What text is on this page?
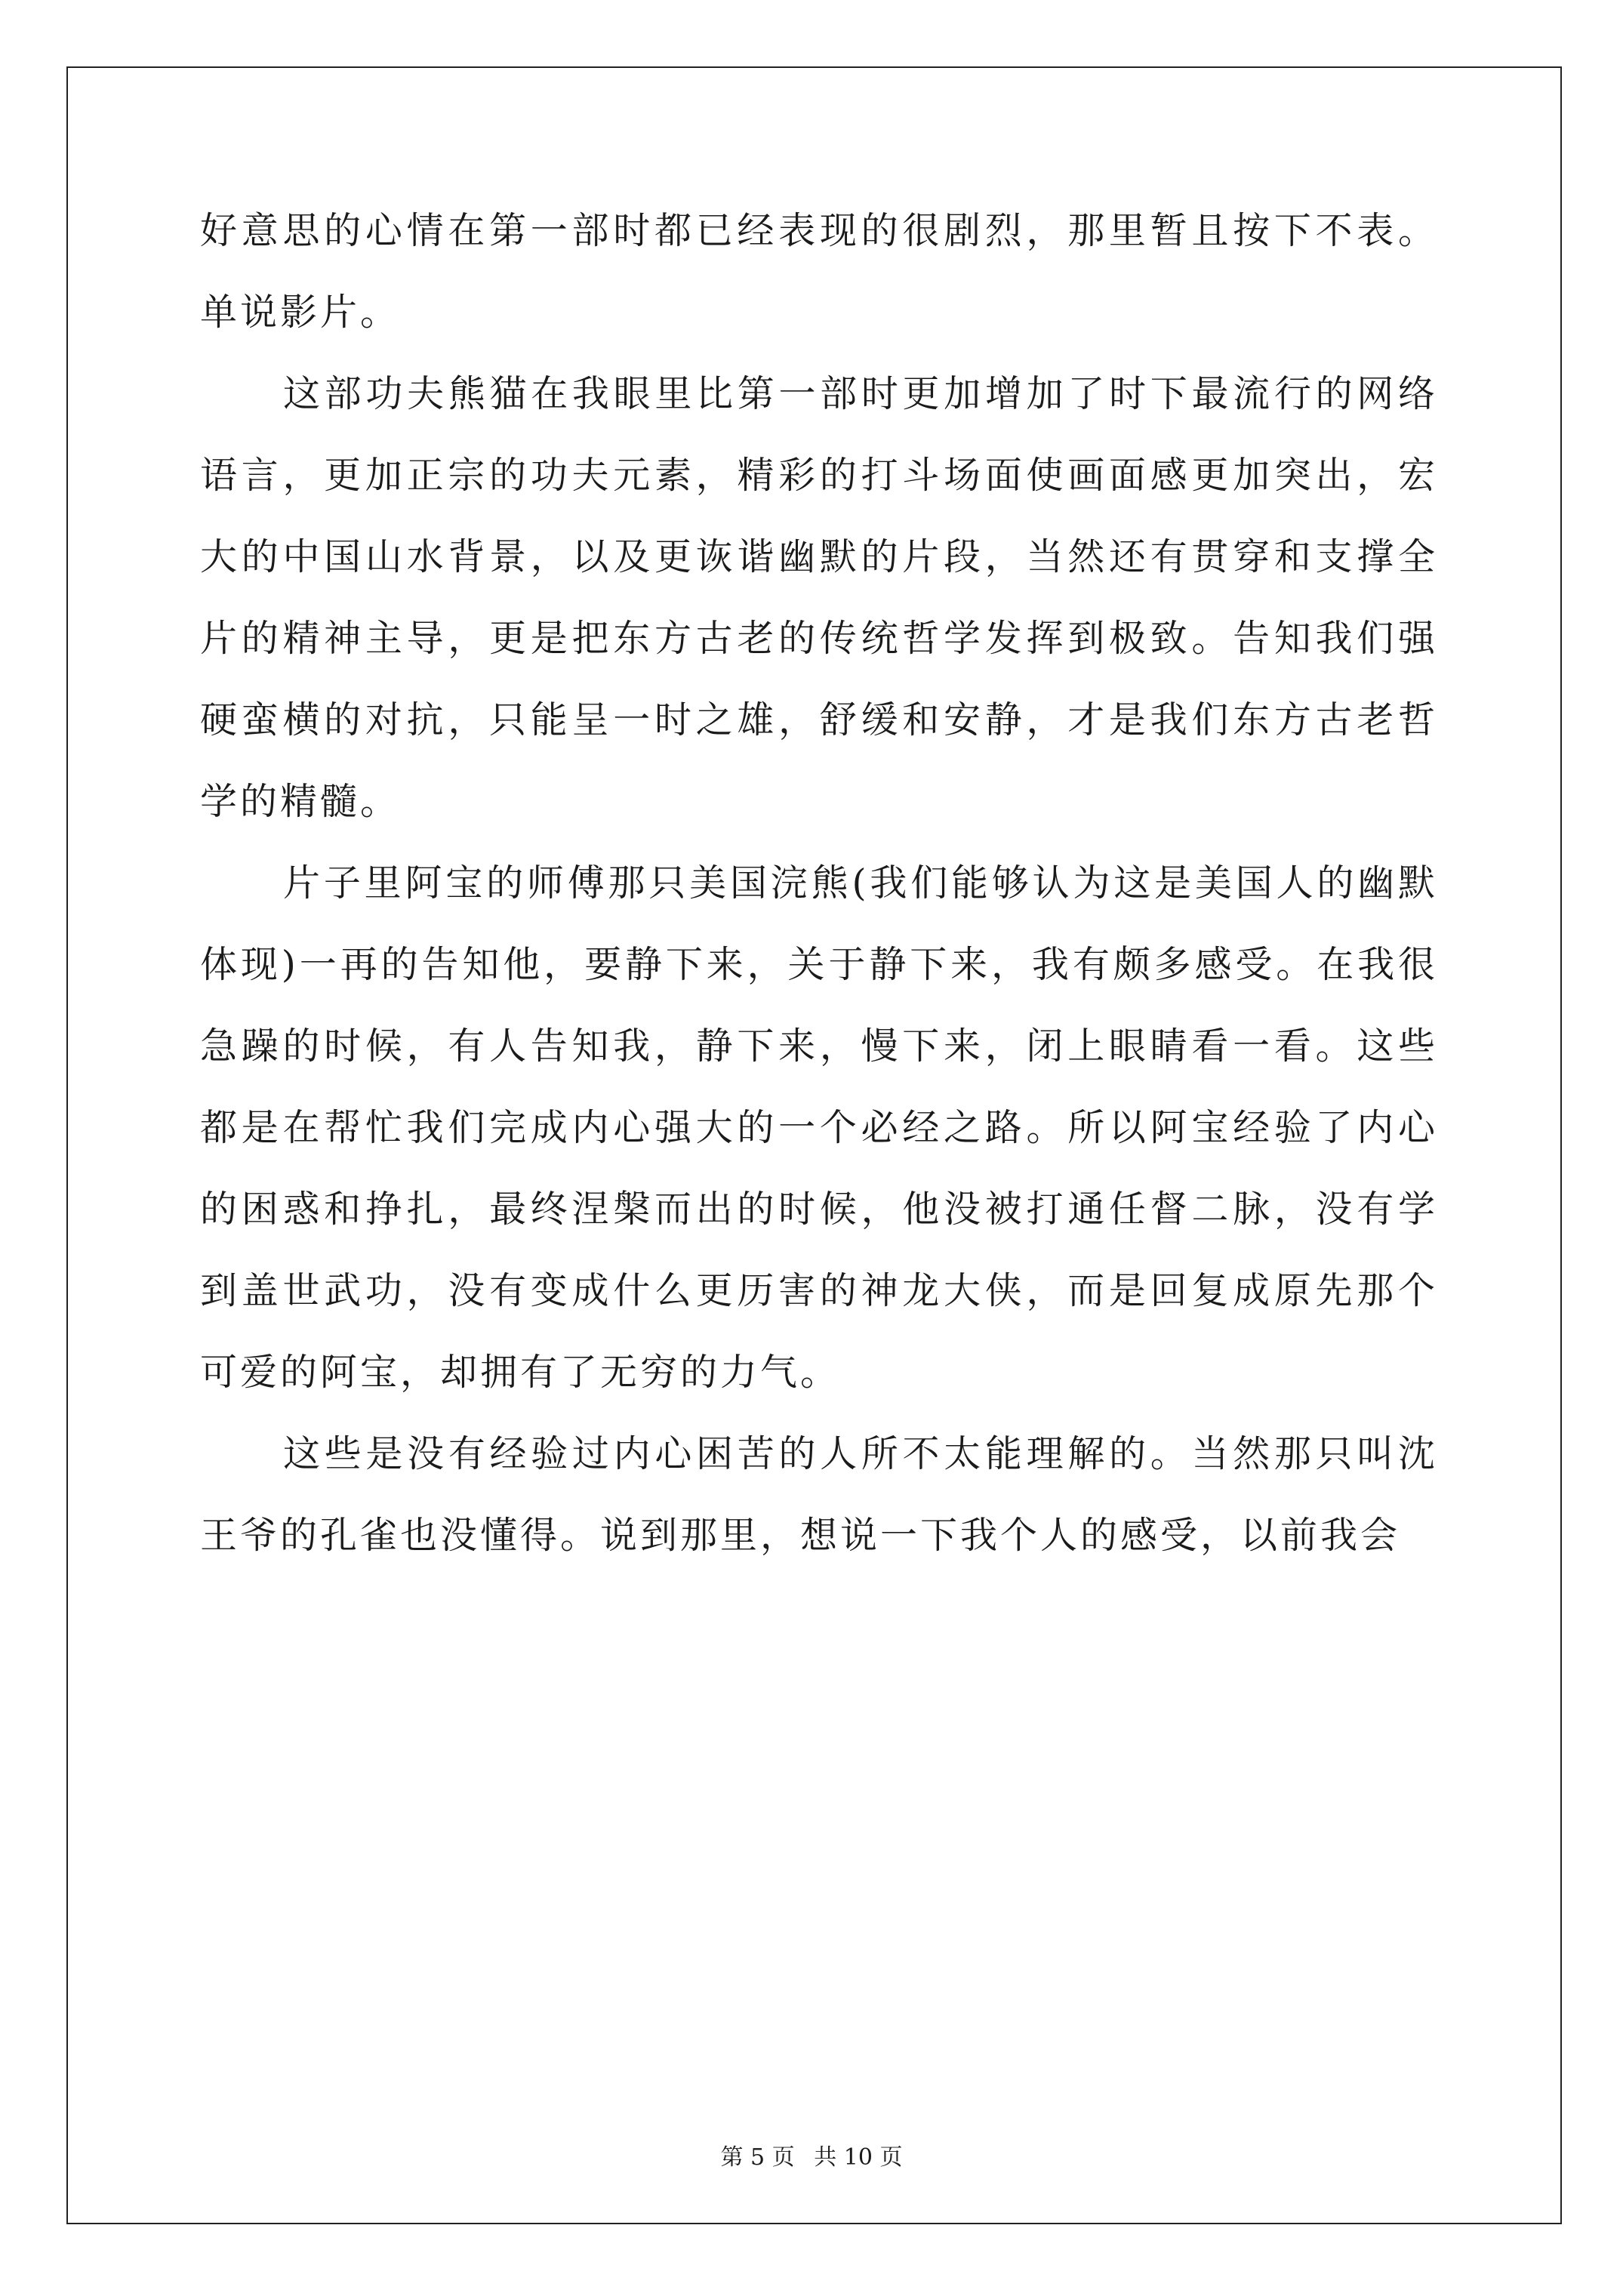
好意思的心情在第一部时都已经表现的很剧烈，那里暂且按下不表。单说影片。

这部功夫熊猫在我眼里比第一部时更加增加了时下最流行的网络语言，更加正宗的功夫元素，精彩的打斗场面使画面感更加突出，宏大的中国山水背景，以及更诙谐幽默的片段，当然还有贯穿和支撑全片的精神主导，更是把东方古老的传统哲学发挥到极致。告知我们强硬蛮横的对抗，只能呈一时之雄，舒缓和安静，才是我们东方古老哲学的精髓。

片子里阿宝的师傅那只美国浣熊(我们能够认为这是美国人的幽默体现)一再的告知他，要静下来，关于静下来，我有颇多感受。在我很急躁的时候，有人告知我，静下来，慢下来，闭上眼睛看一看。这些都是在帮忙我们完成内心强大的一个必经之路。所以阿宝经验了内心的困惑和挣扎，最终涅槃而出的时候，他没被打通任督二脉，没有学到盖世武功，没有变成什么更历害的神龙大侠，而是回复成原先那个可爱的阿宝，却拥有了无穷的力气。

这些是没有经验过内心困苦的人所不太能理解的。当然那只叫沈王爷的孔雀也没懂得。说到那里，想说一下我个人的感受，以前我会

第 5 页 共 10 页
